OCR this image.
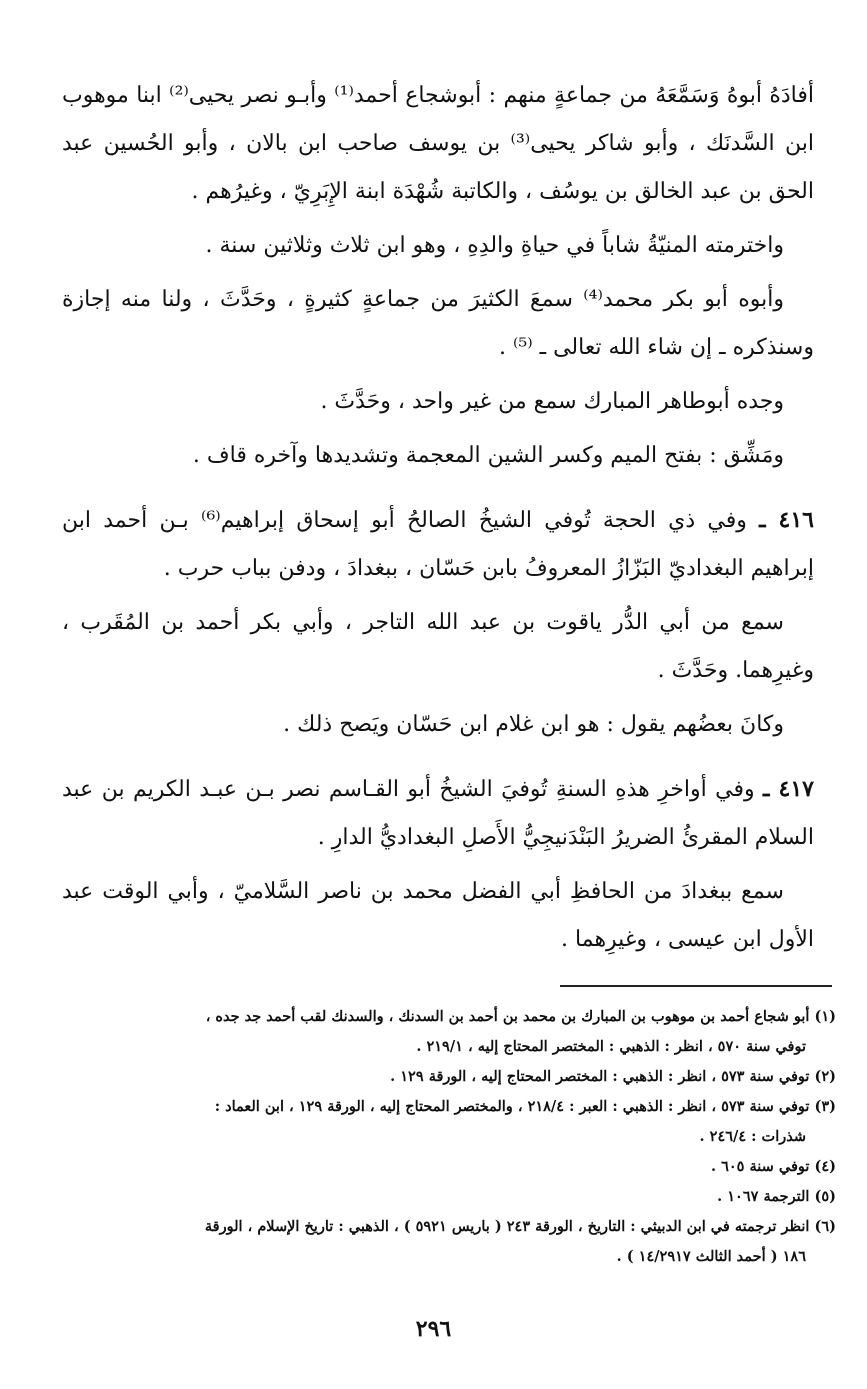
أفادَهُ أبوهُ وَسَمَّعَهُ من جماعةٍ منهم : أبوشجاع أحمد⁽¹⁾ وأبـو نصر يحيى⁽²⁾ ابنا موهوب ابن السَّدنَك ، وأبو شاكر يحيى⁽³⁾ بن يوسف صاحب ابن بالان ، وأبو الحُسين عبد الحق بن عبد الخالق بن يوسُف ، والكاتبة شُهْدَة ابنة الإِبَرِيّ ، وغيرُهم .

واخترمته المنيّةُ شاباً في حياةِ والدِهِ ، وهو ابن ثلاث وثلاثين سنة .

وأبوه أبو بكر محمد⁽⁴⁾ سمعَ الكثيرَ من جماعةٍ كثيرةٍ ، وحَدَّثَ ، ولنا منه إجازة وسنذكره ـ إن شاء الله تعالى ـ ⁽⁵⁾ .

وجده أبوطاهر المبارك سمع من غير واحد ، وحَدَّثَ .

ومَشِّق : بفتح الميم وكسر الشين المعجمة وتشديدها وآخره قاف .

٤١٦ ـ وفي ذي الحجة تُوفي الشيخُ الصالحُ أبو إسحاق إبراهيم⁽⁶⁾ بـن أحمد ابن إبراهيم البغداديّ البَزّازُ المعروفُ بابن حَسّان ، ببغدادَ ، ودفن بباب حرب .

سمع من أبي الدُّر ياقوت بن عبد الله التاجر ، وأبي بكر أحمد بن المُقَرب ، وغيرِهما. وحَدَّثَ .

وكانَ بعضُهم يقول : هو ابن غلام ابن حَسّان ويَصح ذلك .

٤١٧ ـ وفي أواخرِ هذهِ السنةِ تُوفيَ الشيخُ أبو القـاسم نصر بـن عبـد الكريم بن عبد السلام المقرئُ الضريرُ البَنْدَنيجِيُّ الأَصلِ البغداديُّ الدارِ .

سمع ببغدادَ من الحافظِ أبي الفضل محمد بن ناصر السَّلاميّ ، وأبي الوقت عبد الأول ابن عيسى ، وغيرِهما .

(١) أبو شجاع أحمد بن موهوب بن المبارك بن محمد بن أحمد بن السدنك ، والسدنك لقب أحمد جد جده ،
توفي سنة ٥٧٠ ، انظر : الذهبي : المختصر المحتاج إليه ، ٢١٩/١ .

(٢) توفي سنة ٥٧٣ ، انظر : الذهبي : المختصر المحتاج إليه ، الورقة ١٢٩ .

(٣) توفي سنة ٥٧٣ ، انظر : الذهبي : العبر : ٢١٨/٤ ، والمختصر المحتاج إليه ، الورقة ١٢٩ ، ابن العماد :
شذرات : ٢٤٦/٤ .

(٤) توفي سنة ٦٠٥ .

(٥) الترجمة ١٠٦٧ .

(٦) انظر ترجمته في ابن الدبيثي : التاريخ ، الورقة ٢٤٣ ( باريس ٥٩٢١ ) ، الذهبي : تاريخ الإسلام ، الورقة
١٨٦ ( أحمد الثالث ١٤/٢٩١٧ ) .

٢٩٦
